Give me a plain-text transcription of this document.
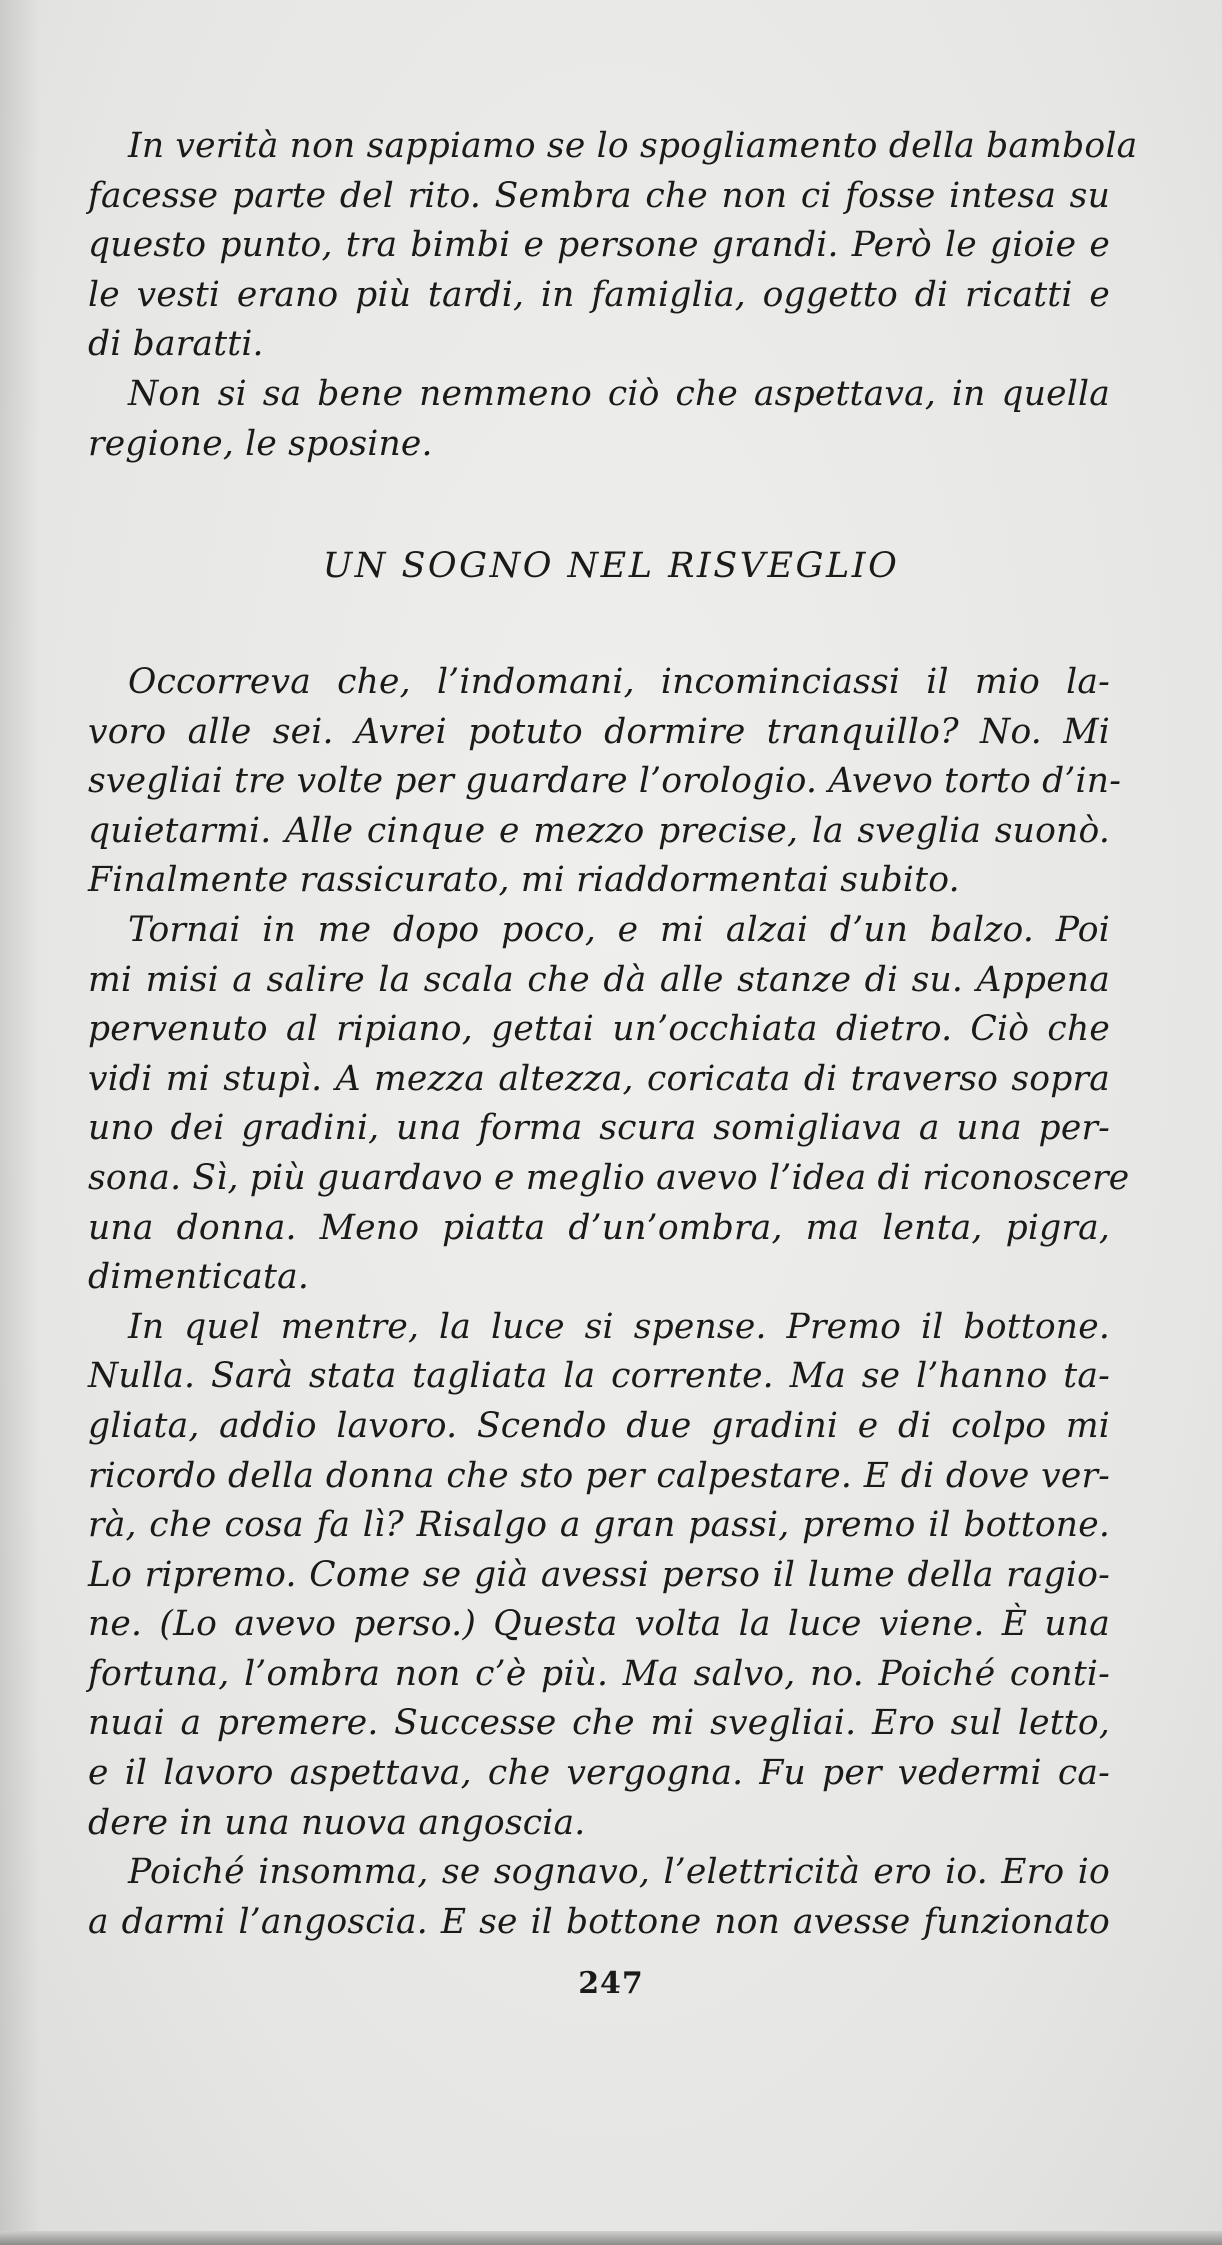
In verità non sappiamo se lo spogliamento della bambola
facesse parte del rito. Sembra che non ci fosse intesa su
questo punto, tra bimbi e persone grandi. Però le gioie e
le vesti erano più tardi, in famiglia, oggetto di ricatti e
di baratti.
Non si sa bene nemmeno ciò che aspettava, in quella
regione, le sposine.
UN SOGNO NEL RISVEGLIO
Occorreva che, l’indomani, incominciassi il mio la-
voro alle sei. Avrei potuto dormire tranquillo? No. Mi
svegliai tre volte per guardare l’orologio. Avevo torto d’in-
quietarmi. Alle cinque e mezzo precise, la sveglia suonò.
Finalmente rassicurato, mi riaddormentai subito.
Tornai in me dopo poco, e mi alzai d’un balzo. Poi
mi misi a salire la scala che dà alle stanze di su. Appena
pervenuto al ripiano, gettai un’occhiata dietro. Ciò che
vidi mi stupì. A mezza altezza, coricata di traverso sopra
uno dei gradini, una forma scura somigliava a una per-
sona. Sì, più guardavo e meglio avevo l’idea di riconoscere
una donna. Meno piatta d’un’ombra, ma lenta, pigra,
dimenticata.
In quel mentre, la luce si spense. Premo il bottone.
Nulla. Sarà stata tagliata la corrente. Ma se l’hanno ta-
gliata, addio lavoro. Scendo due gradini e di colpo mi
ricordo della donna che sto per calpestare. E di dove ver-
rà, che cosa fa lì? Risalgo a gran passi, premo il bottone.
Lo ripremo. Come se già avessi perso il lume della ragio-
ne. (Lo avevo perso.) Questa volta la luce viene. È una
fortuna, l’ombra non c’è più. Ma salvo, no. Poiché conti-
nuai a premere. Successe che mi svegliai. Ero sul letto,
e il lavoro aspettava, che vergogna. Fu per vedermi ca-
dere in una nuova angoscia.
Poiché insomma, se sognavo, l’elettricità ero io. Ero io
a darmi l’angoscia. E se il bottone non avesse funzionato
247
